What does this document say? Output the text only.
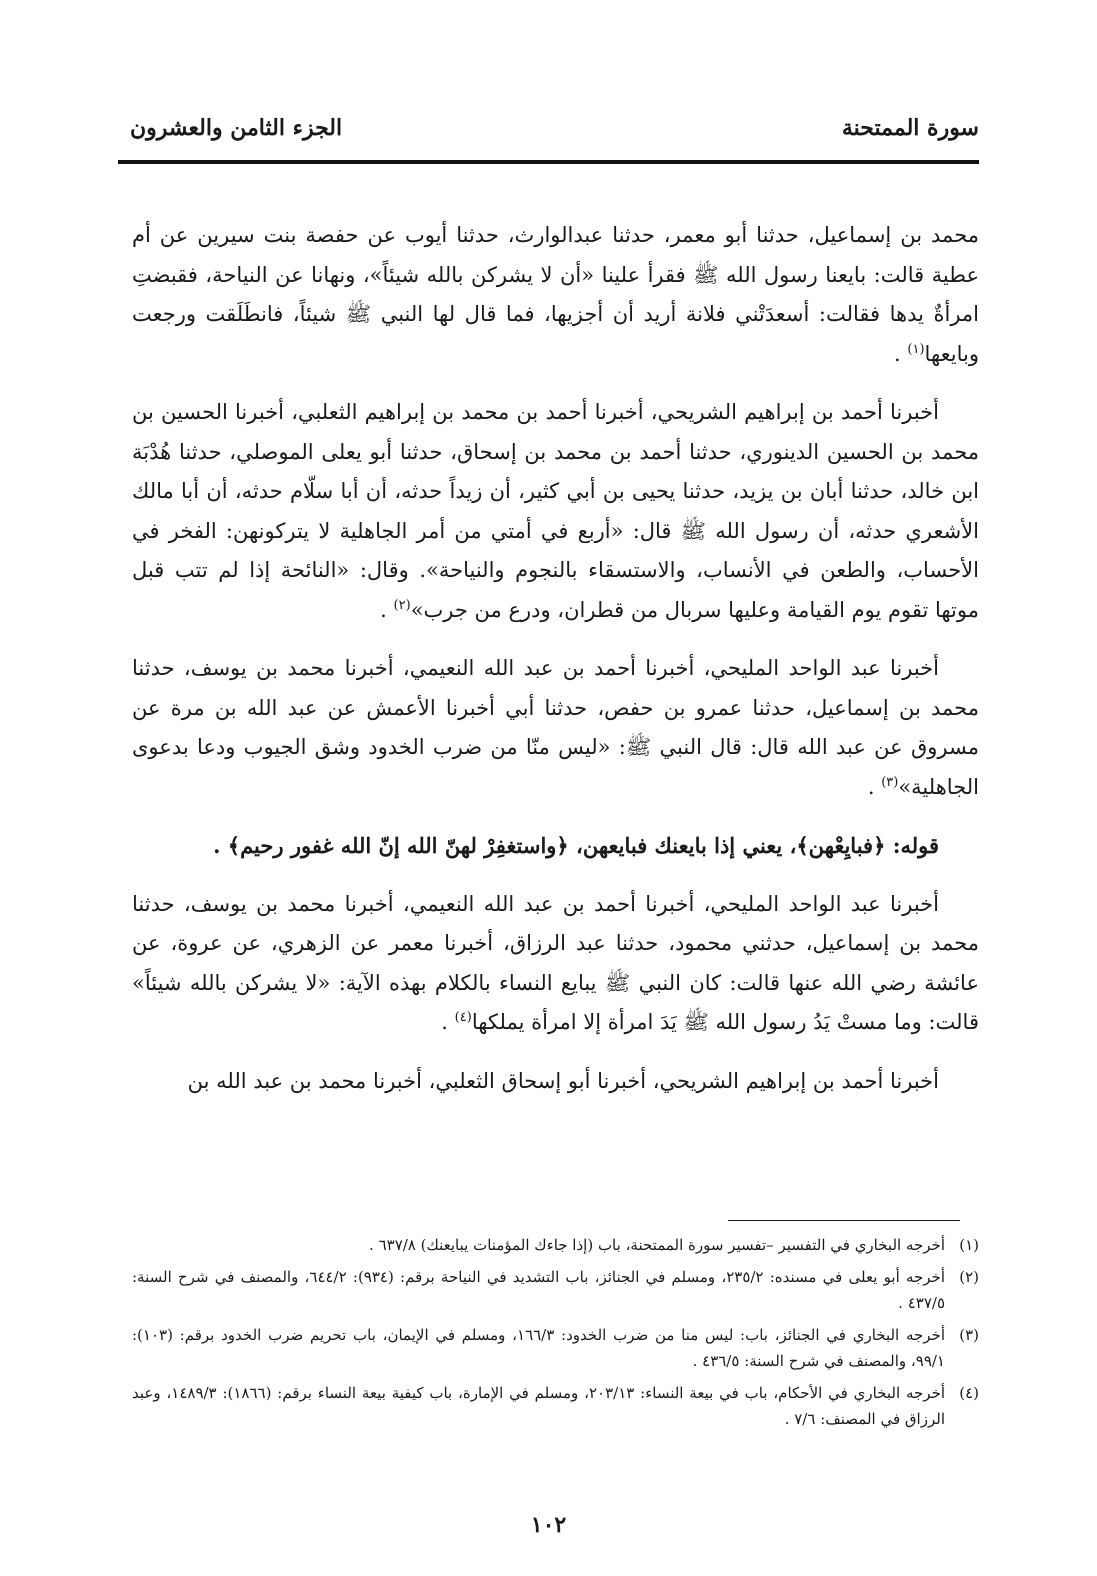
سورة الممتحنة
الجزء الثامن والعشرون

محمد بن إسماعيل، حدثنا أبو معمر، حدثنا عبدالوارث، حدثنا أيوب عن حفصة بنت سيرين عن أم عطية قالت: بايعنا رسول الله ﷺ فقرأ علينا «أن لا يشركن بالله شيئاً»، ونهانا عن النياحة، فقبضتِ امرأةٌ يدها فقالت: أسعدَتْني فلانة أريد أن أجزيها، فما قال لها النبي ﷺ شيئاً، فانطَلَقت ورجعت وبايعها$^{(١)}$ .

أخبرنا أحمد بن إبراهيم الشريحي، أخبرنا أحمد بن محمد بن إبراهيم الثعلبي، أخبرنا الحسين بن محمد بن الحسين الدينوري، حدثنا أحمد بن محمد بن إسحاق، حدثنا أبو يعلى الموصلي، حدثنا هُدْبَة ابن خالد، حدثنا أبان بن يزيد، حدثنا يحيى بن أبي كثير، أن زيداً حدثه، أن أبا سلّام حدثه، أن أبا مالك الأشعري حدثه، أن رسول الله ﷺ قال: «أربع في أمتي من أمر الجاهلية لا يتركونهن: الفخر في الأحساب، والطعن في الأنساب، والاستسقاء بالنجوم والنياحة». وقال: «النائحة إذا لم تتب قبل موتها تقوم يوم القيامة وعليها سربال من قطران، ودرع من جرب»$^{(٢)}$ .

أخبرنا عبد الواحد المليحي، أخبرنا أحمد بن عبد الله النعيمي، أخبرنا محمد بن يوسف، حدثنا محمد بن إسماعيل، حدثنا عمرو بن حفص، حدثنا أبي أخبرنا الأعمش عن عبد الله بن مرة عن مسروق عن عبد الله قال: قال النبي ﷺ: «ليس منّا من ضرب الخدود وشق الجيوب ودعا بدعوى الجاهلية»$^{(٣)}$ .

قوله: ﴿فبايِعْهن﴾، يعني إذا بايعنك فبايعهن، ﴿واستغفِرْ لهنّ الله إنّ الله غفور رحيم﴾ .

أخبرنا عبد الواحد المليحي، أخبرنا أحمد بن عبد الله النعيمي، أخبرنا محمد بن يوسف، حدثنا محمد بن إسماعيل، حدثني محمود، حدثنا عبد الرزاق، أخبرنا معمر عن الزهري، عن عروة، عن عائشة رضي الله عنها قالت: كان النبي ﷺ يبايع النساء بالكلام بهذه الآية: «لا يشركن بالله شيئاً» قالت: وما مستْ يَدُ رسول الله ﷺ يَدَ امرأة إلا امرأة يملكها$^{(٤)}$ .

أخبرنا أحمد بن إبراهيم الشريحي، أخبرنا أبو إسحاق الثعلبي، أخبرنا محمد بن عبد الله بن

(١)
أخرجه البخاري في التفسير –تفسير سورة الممتحنة، باب (إذا جاءك المؤمنات يبايعنك) ٦٣٧/٨ .
(٢)
أخرجه أبو يعلى في مسنده: ٢٣٥/٢، ومسلم في الجنائز، باب التشديد في النياحة برقم: (٩٣٤): ٦٤٤/٢، والمصنف في شرح السنة: ٤٣٧/٥ .
(٣)
أخرجه البخاري في الجنائز، باب: ليس منا من ضرب الخدود: ١٦٦/٣، ومسلم في الإيمان، باب تحريم ضرب الخدود برقم: (١٠٣): ٩٩/١، والمصنف في شرح السنة: ٤٣٦/٥ .
(٤)
أخرجه البخاري في الأحكام، باب في بيعة النساء: ٢٠٣/١٣، ومسلم في الإمارة، باب كيفية بيعة النساء برقم: (١٨٦٦): ١٤٨٩/٣، وعبد الرزاق في المصنف: ٧/٦ .
١٠٢
